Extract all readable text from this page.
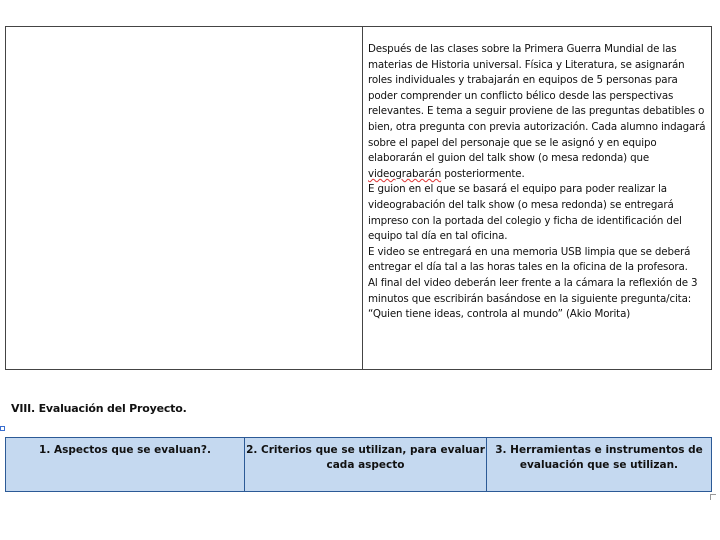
Después de las clases sobre la Primera Guerra Mundial de las materias de Historia universal. Física y Literatura, se asignarán roles individuales y trabajarán en equipos de 5 personas para poder comprender un conflicto bélico desde las perspectivas relevantes. E tema a seguir proviene de las preguntas debatibles o bien, otra pregunta con previa autorización. Cada alumno indagará sobre el papel del personaje que se le asignó y en equipo elaborarán el guion del talk show (o mesa redonda) que videograbarán posteriormente.

E guion en el que se basará el equipo para poder realizar la videograbación del talk show (o mesa redonda) se entregará impreso con la portada del colegio y ficha de identificación del equipo tal día en tal oficina.

E video se entregará en una memoria USB limpia que se deberá entregar el día tal a las horas tales en la oficina de la profesora.

Al final del video deberán leer frente a la cámara la reflexión de 3 minutos que escribirán basándose en la siguiente pregunta/cita: “Quien tiene ideas, controla al mundo” (Akio Morita)

VIII. Evaluación del Proyecto.
1. Aspectos que se evaluan?.	2. Criterios que se utilizan, para evaluar cada aspecto
3. Herramientas e instrumentos de evaluación que se utilizan.
